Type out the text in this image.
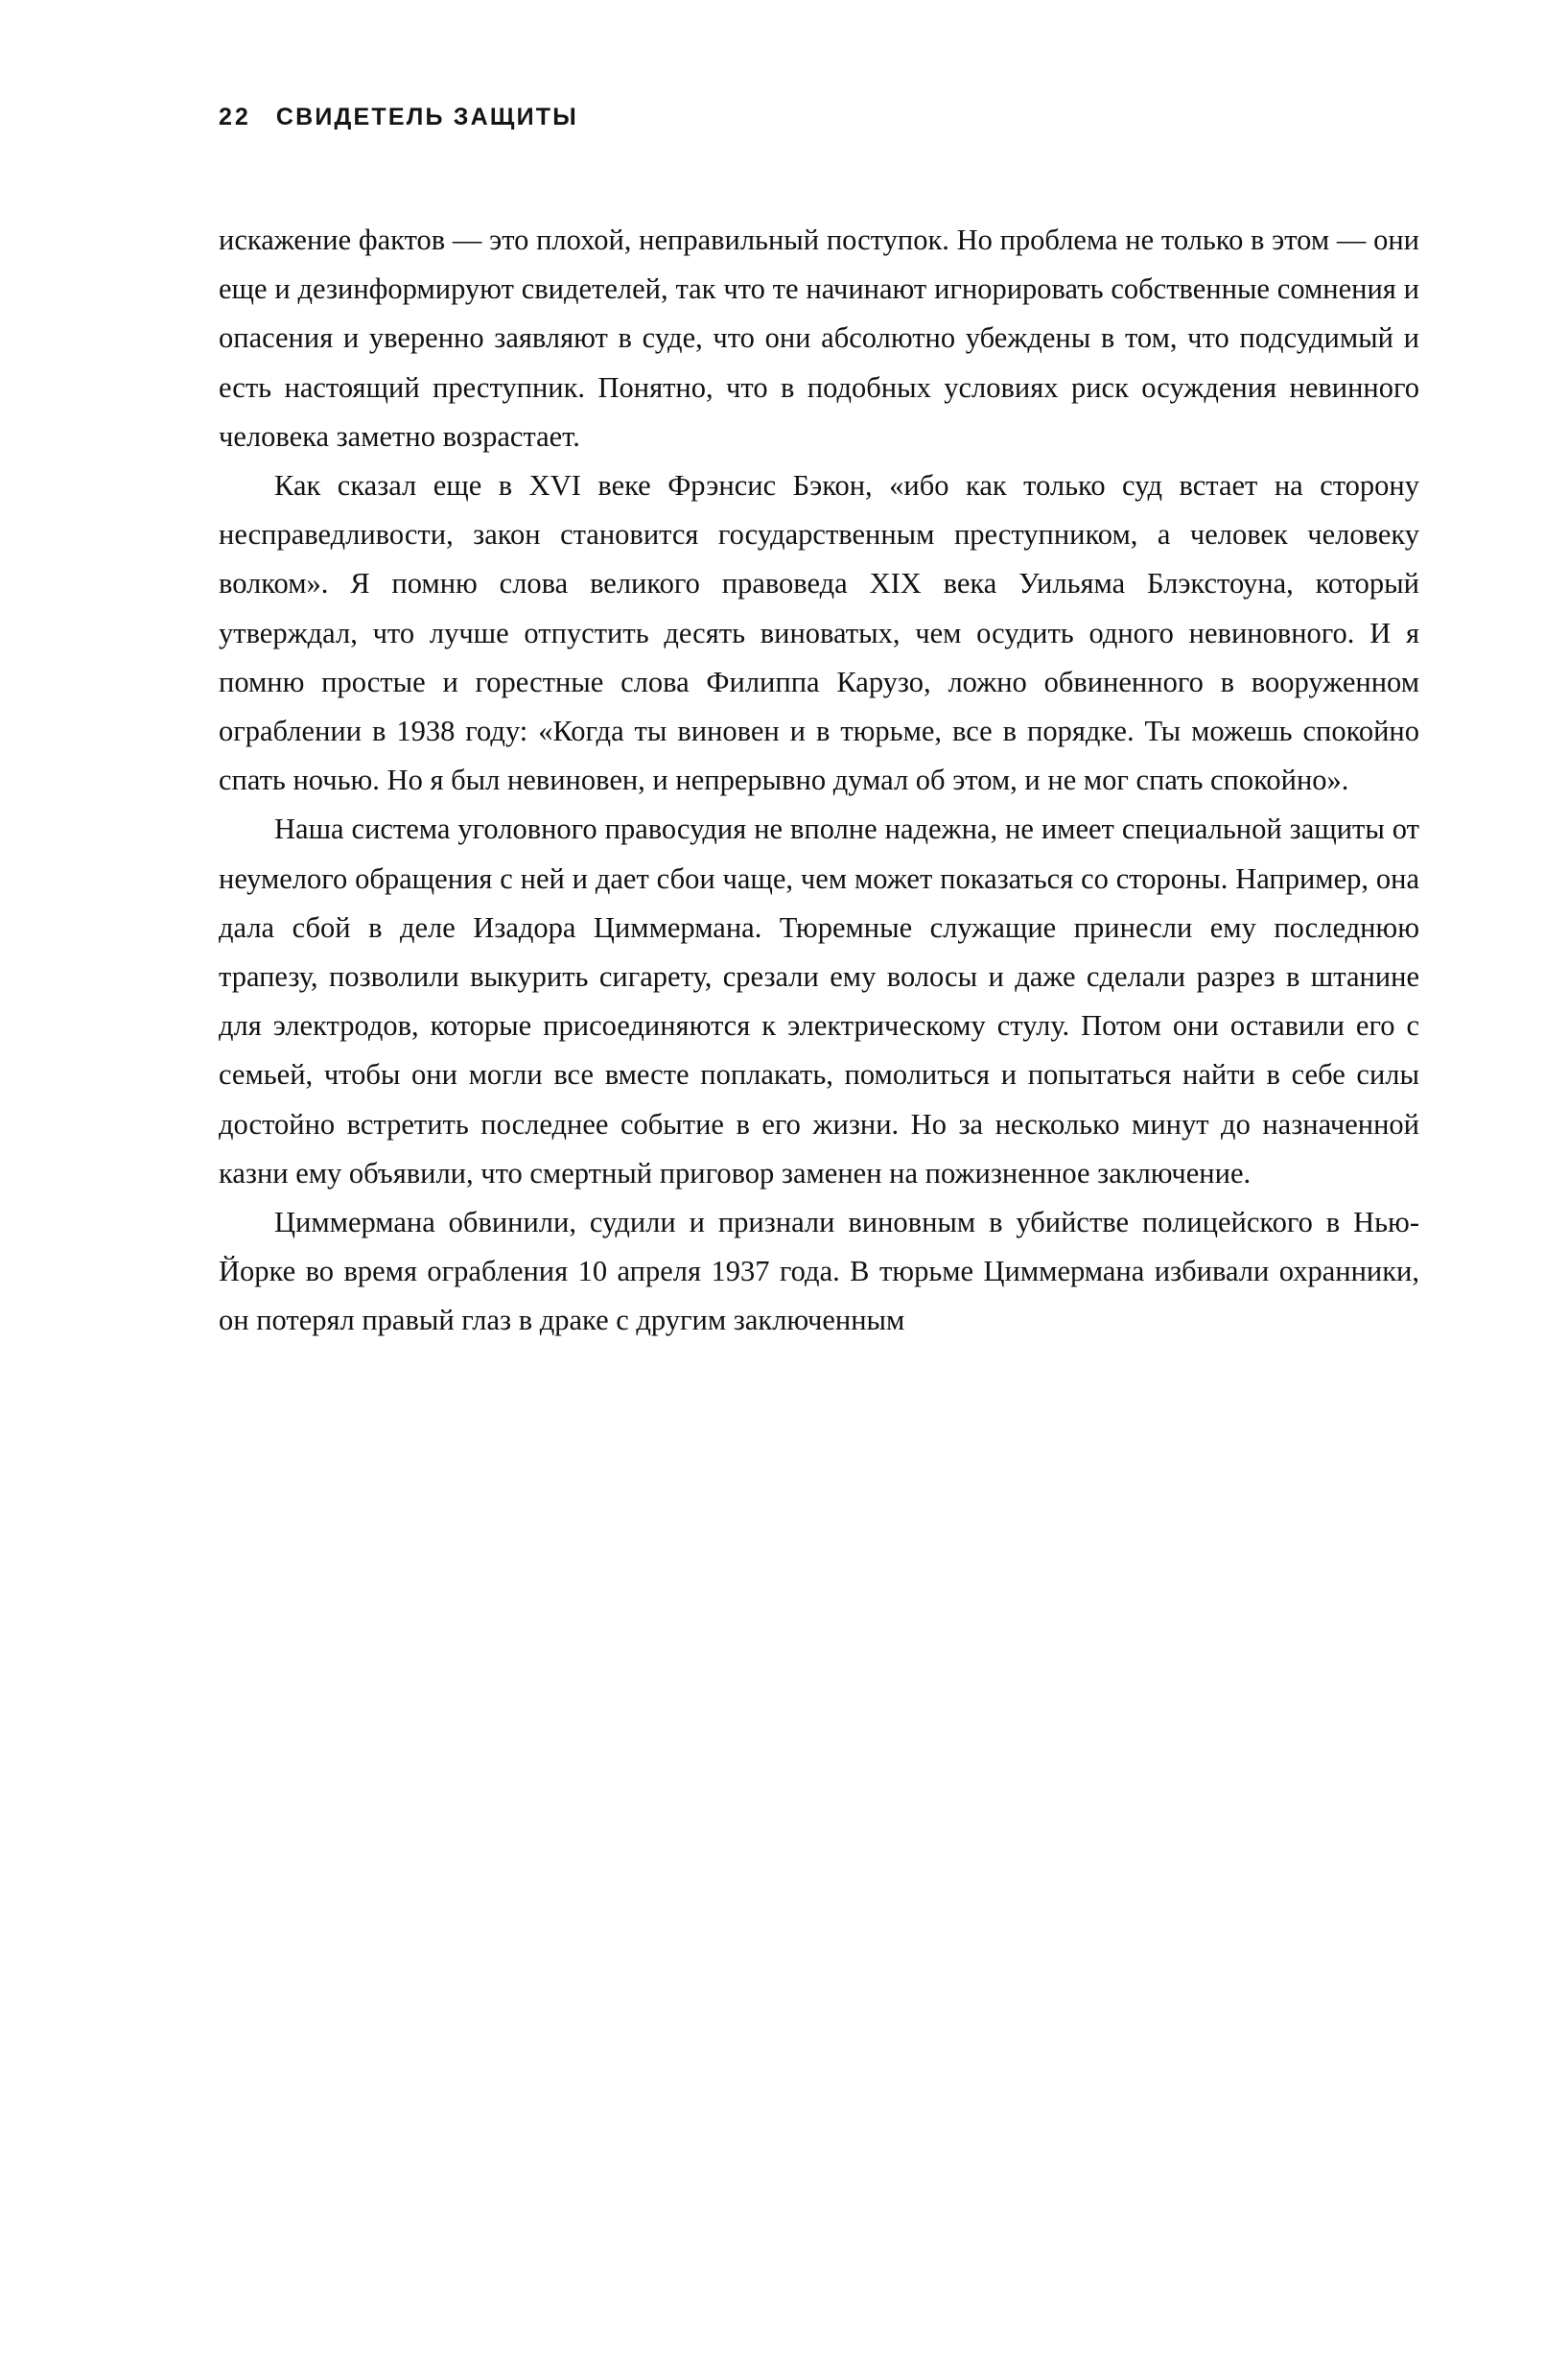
22 СВИДЕТЕЛЬ ЗАЩИТЫ

искажение фактов — это плохой, неправильный поступок. Но проблема не только в этом — они еще и дезинформируют свидетелей, так что те начинают игнорировать собственные сомнения и опасения и уверенно заявляют в суде, что они абсолютно убеждены в том, что подсудимый и есть настоящий преступник. Понятно, что в подобных условиях риск осуждения невинного человека заметно возрастает.

Как сказал еще в XVI веке Фрэнсис Бэкон, «ибо как только суд встает на сторону несправедливости, закон становится государственным преступником, а человек человеку волком». Я помню слова великого правоведа XIX века Уильяма Блэкстоуна, который утверждал, что лучше отпустить десять виноватых, чем осудить одного невиновного. И я помню простые и горестные слова Филиппа Карузо, ложно обвиненного в вооруженном ограблении в 1938 году: «Когда ты виновен и в тюрьме, все в порядке. Ты можешь спокойно спать ночью. Но я был невиновен, и непрерывно думал об этом, и не мог спать спокойно».

Наша система уголовного правосудия не вполне надежна, не имеет специальной защиты от неумелого обращения с ней и дает сбои чаще, чем может показаться со стороны. Например, она дала сбой в деле Изадора Циммермана. Тюремные служащие принесли ему последнюю трапезу, позволили выкурить сигарету, срезали ему волосы и даже сделали разрез в штанине для электродов, которые присоединяются к электрическому стулу. Потом они оставили его с семьей, чтобы они могли все вместе поплакать, помолиться и попытаться найти в себе силы достойно встретить последнее событие в его жизни. Но за несколько минут до назначенной казни ему объявили, что смертный приговор заменен на пожизненное заключение.

Циммермана обвинили, судили и признали виновным в убийстве полицейского в Нью-Йорке во время ограбления 10 апреля 1937 года. В тюрьме Циммермана избивали охранники, он потерял правый глаз в драке с другим заключенным
